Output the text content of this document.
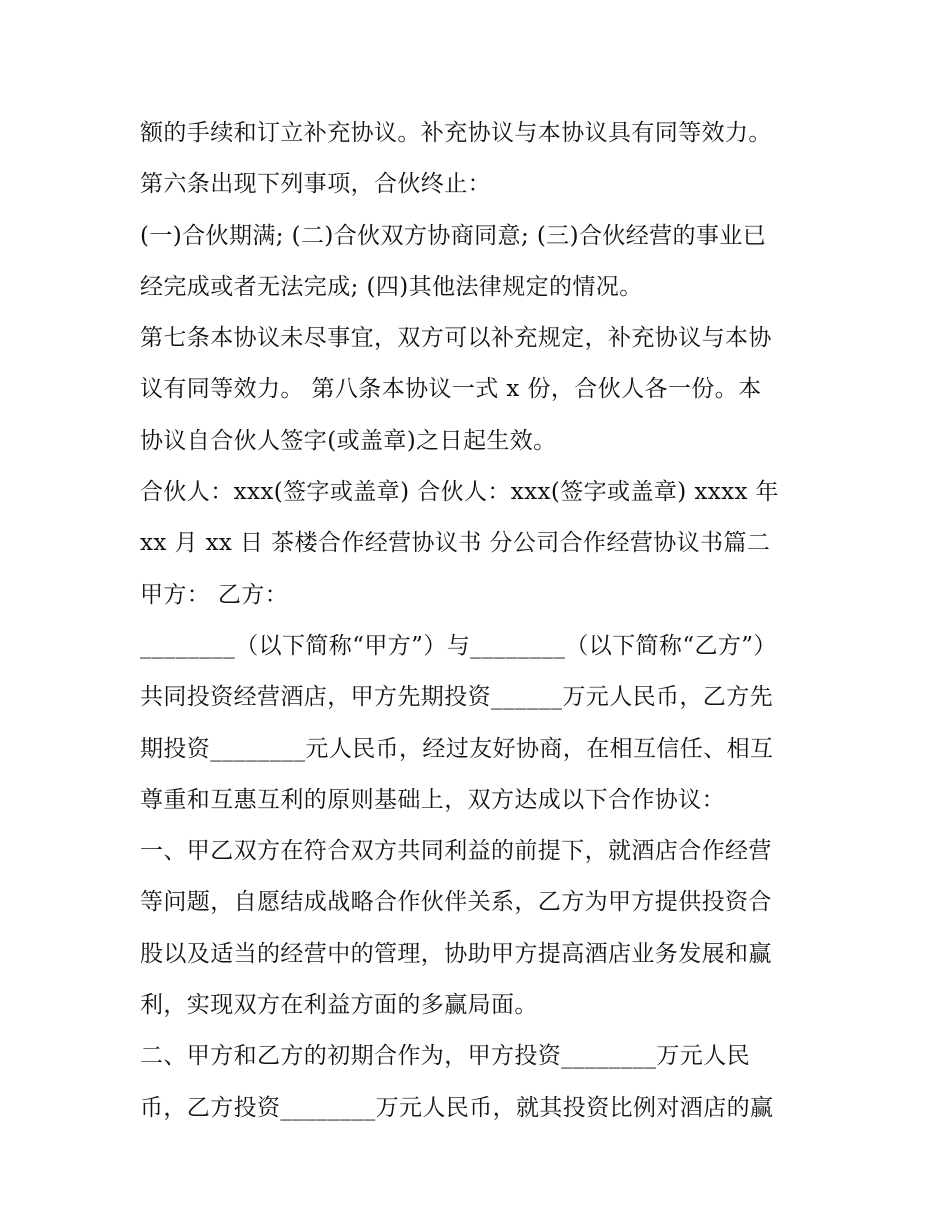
额的手续和订立补充协议。补充协议与本协议具有同等效力。
第六条出现下列事项，合伙终止：
(一)合伙期满; (二)合伙双方协商同意; (三)合伙经营的事业已
经完成或者无法完成; (四)其他法律规定的情况。
第七条本协议未尽事宜，双方可以补充规定，补充协议与本协
议有同等效力。 第八条本协议一式 x 份，合伙人各一份。本
协议自合伙人签字(或盖章)之日起生效。
合伙人：xxx(签字或盖章) 合伙人：xxx(签字或盖章) xxxx 年
xx 月 xx 日 茶楼合作经营协议书 分公司合作经营协议书篇二
甲方： 乙方：
________（以下简称“甲方”）与________（以下简称“乙方”）
共同投资经营酒店，甲方先期投资______万元人民币，乙方先
期投资________元人民币，经过友好协商，在相互信任、相互
尊重和互惠互利的原则基础上，双方达成以下合作协议：
一、甲乙双方在符合双方共同利益的前提下，就酒店合作经营
等问题，自愿结成战略合作伙伴关系，乙方为甲方提供投资合
股以及适当的经营中的管理，协助甲方提高酒店业务发展和赢
利，实现双方在利益方面的多赢局面。
二、甲方和乙方的初期合作为，甲方投资________万元人民
币，乙方投资________万元人民币，就其投资比例对酒店的赢
